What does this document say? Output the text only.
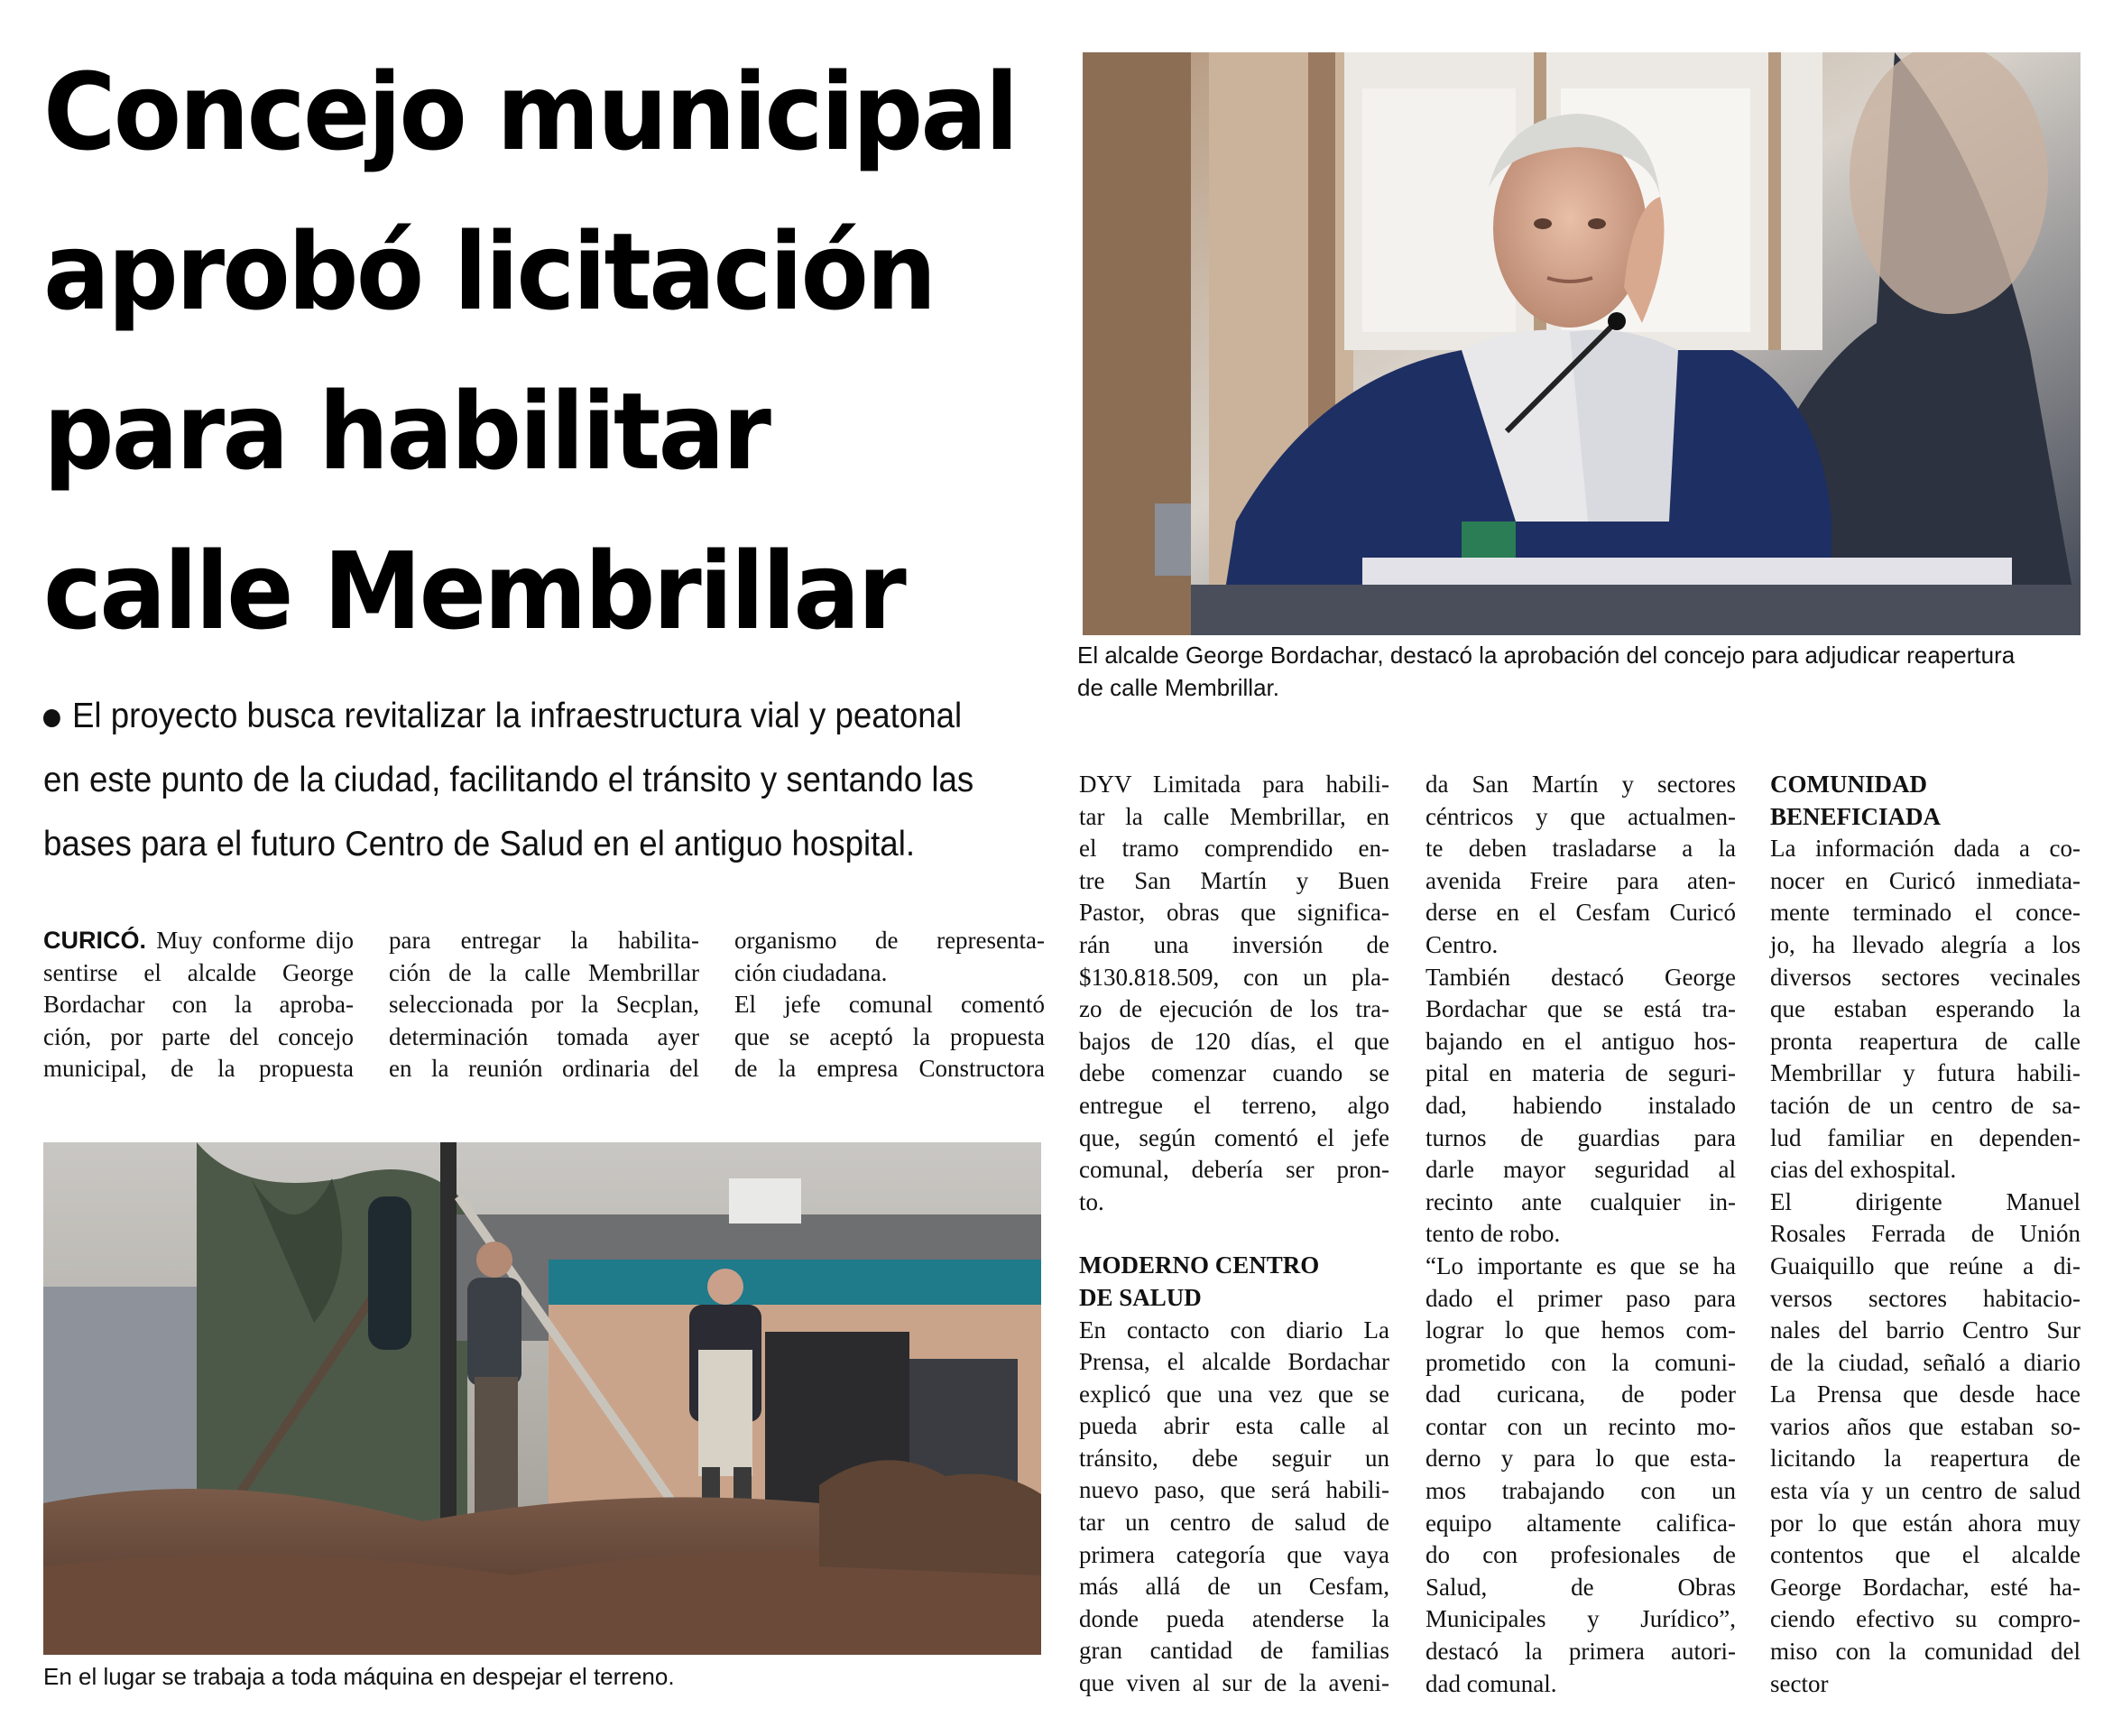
Concejo municipal
aprobó licitación
para habilitar
calle Membrillar

El proyecto busca revitalizar la infraestructura vial y peatonal
en este punto de la ciudad, facilitando el tránsito y sentando las
bases para el futuro Centro de Salud en el antiguo hospital.

El alcalde George Bordachar, destacó la aprobación del concejo para adjudicar reapertura
de calle Membrillar.

En el lugar se trabaja a toda máquina en despejar el terreno.

CURICÓ. Muy conforme dijo
sentirse el alcalde George
Bordachar con la aproba-
ción, por parte del concejo
municipal, de la propuesta

para entregar la habilita-
ción de la calle Membrillar
seleccionada por la Secplan,
determinación tomada ayer
en la reunión ordinaria del

organismo de representa-
ción ciudadana.
El jefe comunal comentó
que se aceptó la propuesta
de la empresa Constructora

DYV Limitada para habili-
tar la calle Membrillar, en
el tramo comprendido en-
tre San Martín y Buen
Pastor, obras que significa-
rán una inversión de
$130.818.509, con un pla-
zo de ejecución de los tra-
bajos de 120 días, el que
debe comenzar cuando se
entregue el terreno, algo
que, según comentó el jefe
comunal, debería ser pron-
to.
MODERNO CENTRO
DE SALUD
En contacto con diario La
Prensa, el alcalde Bordachar
explicó que una vez que se
pueda abrir esta calle al
tránsito, debe seguir un
nuevo paso, que será habili-
tar un centro de salud de
primera categoría que vaya
más allá de un Cesfam,
donde pueda atenderse la
gran cantidad de familias
que viven al sur de la aveni-
da San Martín y sectores
céntricos y que actualmen-
te deben trasladarse a la
avenida Freire para aten-
derse en el Cesfam Curicó
Centro.
También destacó George
Bordachar que se está tra-
bajando en el antiguo hos-
pital en materia de seguri-
dad, habiendo instalado
turnos de guardias para
darle mayor seguridad al
recinto ante cualquier in-
tento de robo.
“Lo importante es que se ha
dado el primer paso para
lograr lo que hemos com-
prometido con la comuni-
dad curicana, de poder
contar con un recinto mo-
derno y para lo que esta-
mos trabajando con un
equipo altamente califica-
do con profesionales de
Salud, de Obras
Municipales y Jurídico”,
destacó la primera autori-
dad comunal.
COMUNIDAD
BENEFICIADA
La información dada a co-
nocer en Curicó inmediata-
mente terminado el conce-
jo, ha llevado alegría a los
diversos sectores vecinales
que estaban esperando la
pronta reapertura de calle
Membrillar y futura habili-
tación de un centro de sa-
lud familiar en dependen-
cias del exhospital.
El dirigente Manuel
Rosales Ferrada de Unión
Guaiquillo que reúne a di-
versos sectores habitacio-
nales del barrio Centro Sur
de la ciudad, señaló a diario
La Prensa que desde hace
varios años que estaban so-
licitando la reapertura de
esta vía y un centro de salud
por lo que están ahora muy
contentos que el alcalde
George Bordachar, esté ha-
ciendo efectivo su compro-
miso con la comunidad del
sector
